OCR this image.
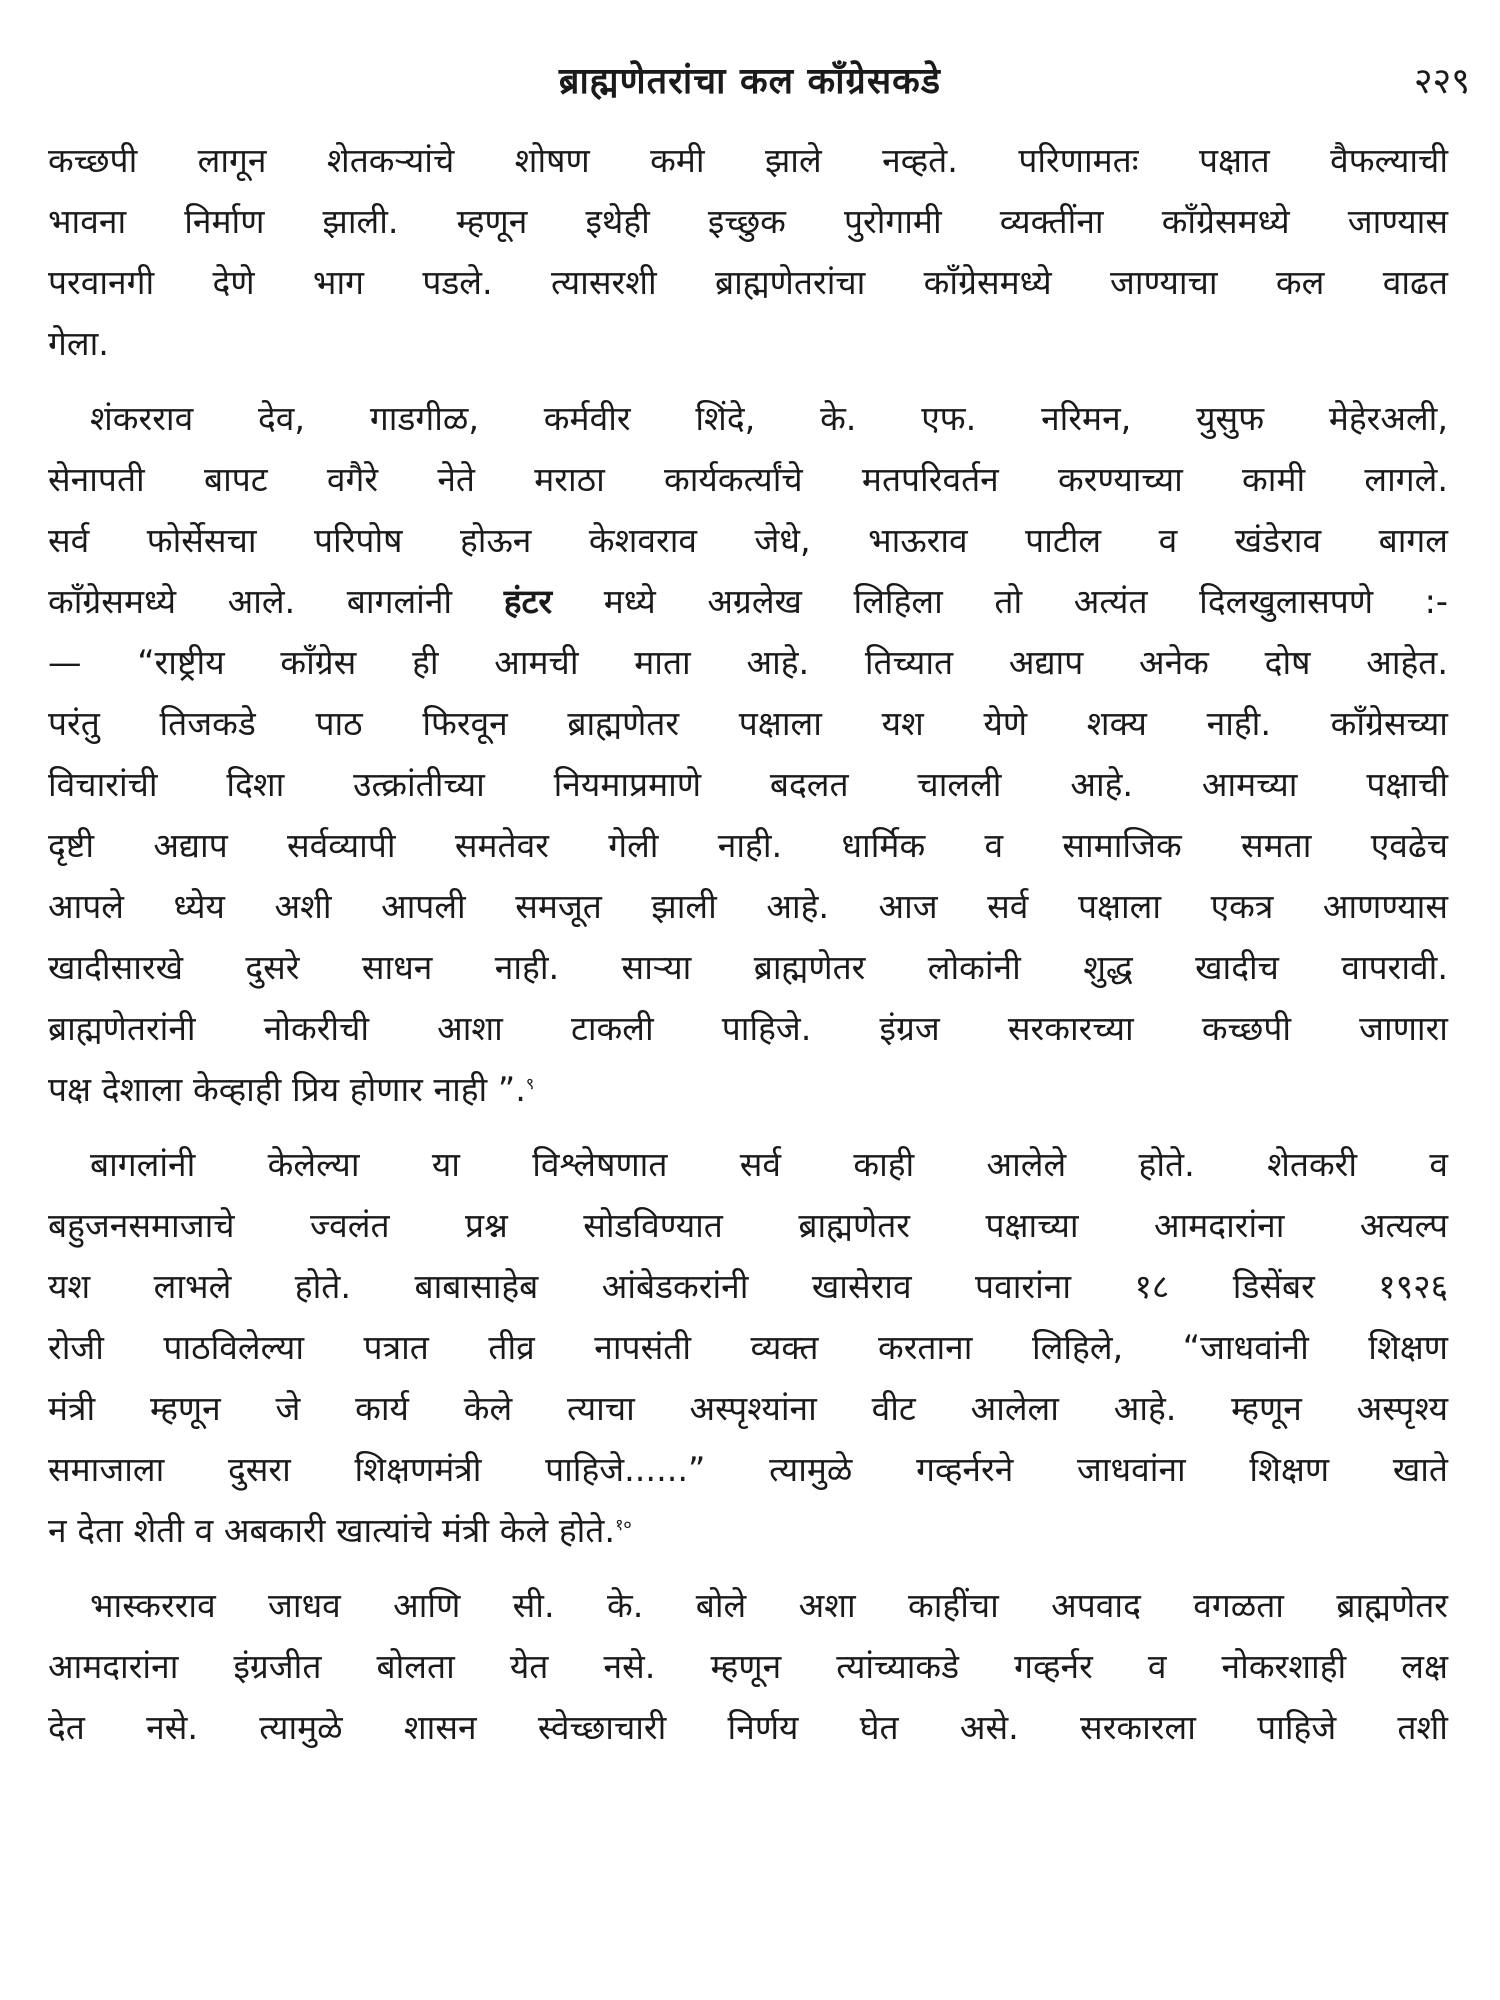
ब्राह्मणेतरांचा कल काँग्रेसकडे	२२९
कच्छपी लागून शेतकऱ्यांचे शोषण कमी झाले नव्हते. परिणामतः पक्षात वैफल्याची
भावना निर्माण झाली. म्हणून इथेही इच्छुक पुरोगामी व्यक्तींना काँग्रेसमध्ये जाण्यास
परवानगी देणे भाग पडले. त्यासरशी ब्राह्मणेतरांचा काँग्रेसमध्ये जाण्याचा कल वाढत
गेला.
शंकरराव देव, गाडगीळ, कर्मवीर शिंदे, के. एफ. नरिमन, युसुफ मेहेरअली,
सेनापती बापट वगैरे नेते मराठा कार्यकर्त्यांचे मतपरिवर्तन करण्याच्या कामी लागले.
सर्व फोर्सेसचा परिपोष होऊन केशवराव जेधे, भाऊराव पाटील व खंडेराव बागल
काँग्रेसमध्ये आले. बागलांनी हंटर मध्ये अग्रलेख लिहिला तो अत्यंत दिलखुलासपणे :-
— “राष्ट्रीय काँग्रेस ही आमची माता आहे. तिच्यात अद्याप अनेक दोष आहेत.
परंतु तिजकडे पाठ फिरवून ब्राह्मणेतर पक्षाला यश येणे शक्य नाही. काँग्रेसच्या
विचारांची दिशा उत्क्रांतीच्या नियमाप्रमाणे बदलत चालली आहे. आमच्या पक्षाची
दृष्टी अद्याप सर्वव्यापी समतेवर गेली नाही. धार्मिक व सामाजिक समता एवढेच
आपले ध्येय अशी आपली समजूत झाली आहे. आज सर्व पक्षाला एकत्र आणण्यास
खादीसारखे दुसरे साधन नाही. साऱ्या ब्राह्मणेतर लोकांनी शुद्ध खादीच वापरावी.
ब्राह्मणेतरांनी नोकरीची आशा टाकली पाहिजे. इंग्रज सरकारच्या कच्छपी जाणारा
पक्ष देशाला केव्हाही प्रिय होणार नाही ”.$^९$
बागलांनी केलेल्या या विश्लेषणात सर्व काही आलेले होते. शेतकरी व
बहुजनसमाजाचे ज्वलंत प्रश्न सोडविण्यात ब्राह्मणेतर पक्षाच्या आमदारांना अत्यल्प
यश लाभले होते. बाबासाहेब आंबेडकरांनी खासेराव पवारांना १८ डिसेंबर १९२६
रोजी पाठविलेल्या पत्रात तीव्र नापसंती व्यक्त करताना लिहिले, “जाधवांनी शिक्षण
मंत्री म्हणून जे कार्य केले त्याचा अस्पृश्यांना वीट आलेला आहे. म्हणून अस्पृश्य
समाजाला दुसरा शिक्षणमंत्री पाहिजे......” त्यामुळे गव्हर्नरने जाधवांना शिक्षण खाते
न देता शेती व अबकारी खात्यांचे मंत्री केले होते.$^{१०}$
भास्करराव जाधव आणि सी. के. बोले अशा काहींचा अपवाद वगळता ब्राह्मणेतर
आमदारांना इंग्रजीत बोलता येत नसे. म्हणून त्यांच्याकडे गव्हर्नर व नोकरशाही लक्ष
देत नसे. त्यामुळे शासन स्वेच्छाचारी निर्णय घेत असे. सरकारला पाहिजे तशी
